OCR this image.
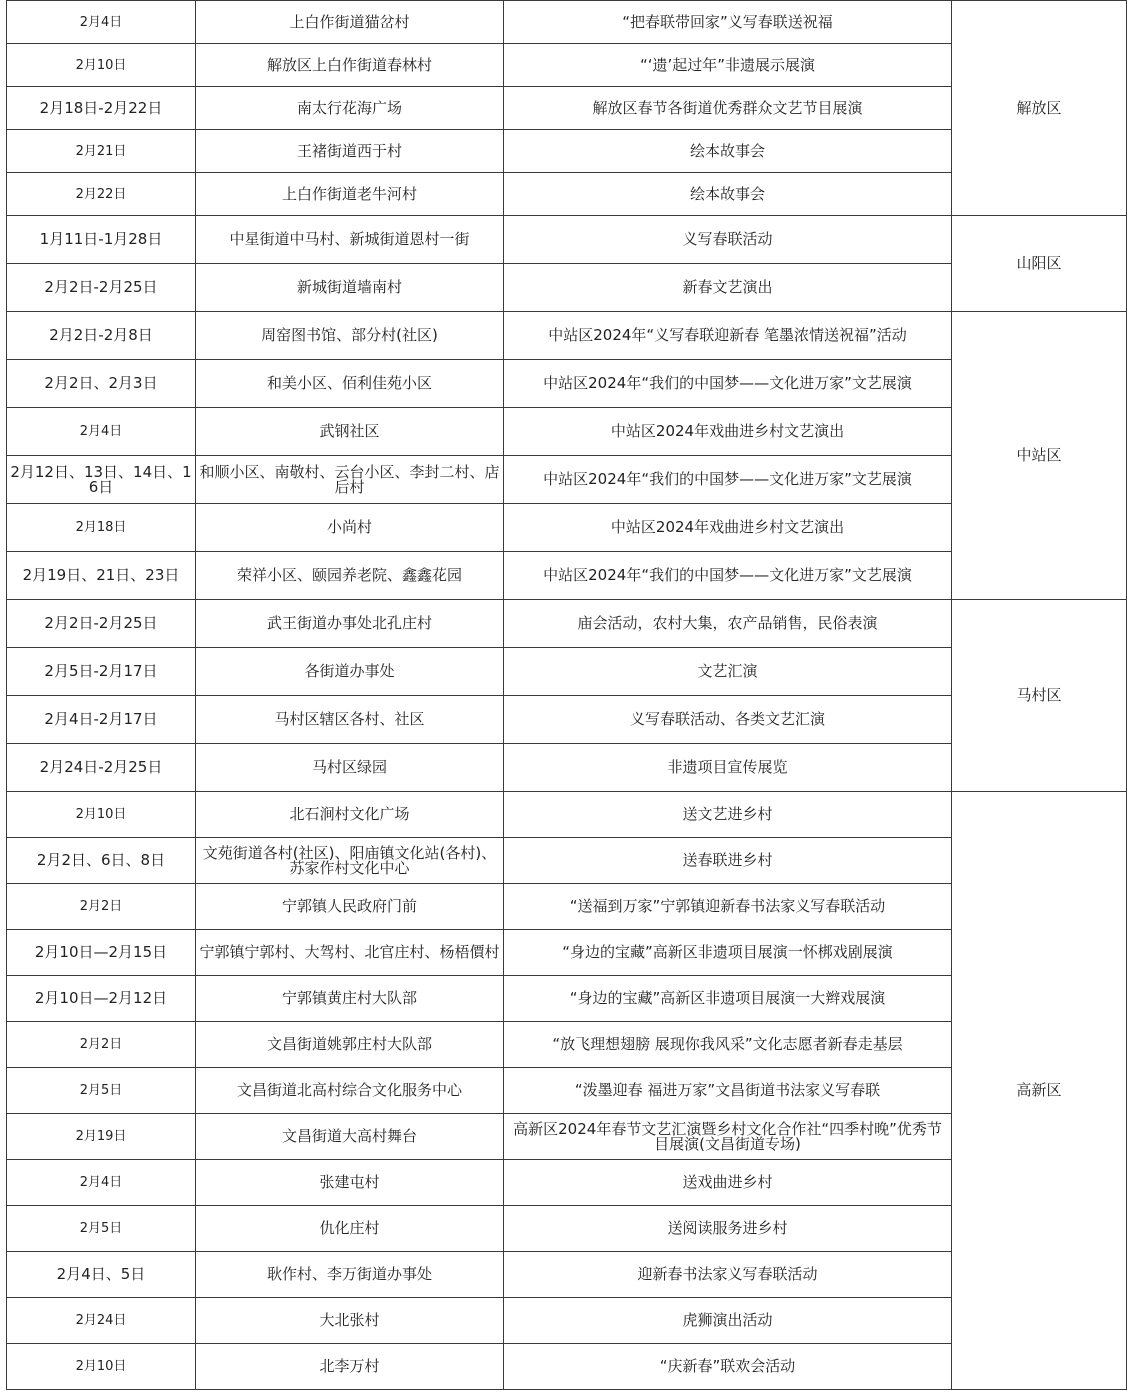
2月4日	上白作街道猫岔村	“把春联带回家”义写春联送祝福	解放区
2月10日	解放区上白作街道春林村	“‘遗’起过年”非遗展示展演	
2月18日-2月22日	南太行花海广场	解放区春节各街道优秀群众文艺节目展演	
2月21日	王褚街道西于村	绘本故事会	
2月22日	上白作街道老牛河村	绘本故事会	
1月11日-1月28日	中星街道中马村、新城街道恩村一街	义写春联活动	山阳区
2月2日-2月25日	新城街道墙南村	新春文艺演出	
2月2日-2月8日	周窑图书馆、部分村(社区)	中站区2024年“义写春联迎新春 笔墨浓情送祝福”活动	中站区
2月2日、2月3日	和美小区、佰利佳苑小区	中站区2024年“我们的中国梦——文化进万家”文艺展演	
2月4日	武钢社区	中站区2024年戏曲进乡村文艺演出	
2月12日、13日、14日、16日	和顺小区、南敬村、云台小区、李封二村、店后村	中站区2024年“我们的中国梦——文化进万家”文艺展演	
2月18日	小尚村	中站区2024年戏曲进乡村文艺演出	
2月19日、21日、23日	荣祥小区、颐园养老院、鑫鑫花园	中站区2024年“我们的中国梦——文化进万家”文艺展演	
2月2日-2月25日	武王街道办事处北孔庄村	庙会活动，农村大集，农产品销售，民俗表演	马村区
2月5日-2月17日	各街道办事处	文艺汇演	
2月4日-2月17日	马村区辖区各村、社区	义写春联活动、各类文艺汇演	
2月24日-2月25日	马村区绿园	非遗项目宣传展览	
2月10日	北石涧村文化广场	送文艺进乡村	高新区
2月2日、6日、8日	文苑街道各村(社区)、阳庙镇文化站(各村)、苏家作村文化中心	送春联进乡村	
2月2日	宁郭镇人民政府门前	“送福到万家”宁郭镇迎新春书法家义写春联活动	
2月10日—2月15日	宁郭镇宁郭村、大驾村、北官庄村、杨梧價村	“身边的宝藏”高新区非遗项目展演一怀梆戏剧展演	
2月10日—2月12日	宁郭镇黄庄村大队部	“身边的宝藏”高新区非遗项目展演一大辫戏展演	
2月2日	文昌街道姚郭庄村大队部	“放飞理想翅膀 展现你我风采”文化志愿者新春走基层	
2月5日	文昌街道北高村综合文化服务中心	“泼墨迎春 福进万家”文昌街道书法家义写春联	
2月19日	文昌街道大高村舞台	高新区2024年春节文艺汇演暨乡村文化合作社“四季村晚”优秀节目展演(文昌街道专场)	
2月4日	张建屯村	送戏曲进乡村	
2月5日	仇化庄村	送阅读服务进乡村	
2月4日、5日	耿作村、李万街道办事处	迎新春书法家义写春联活动	
2月24日	大北张村	虎狮演出活动	
2月10日	北李万村	“庆新春”联欢会活动	
